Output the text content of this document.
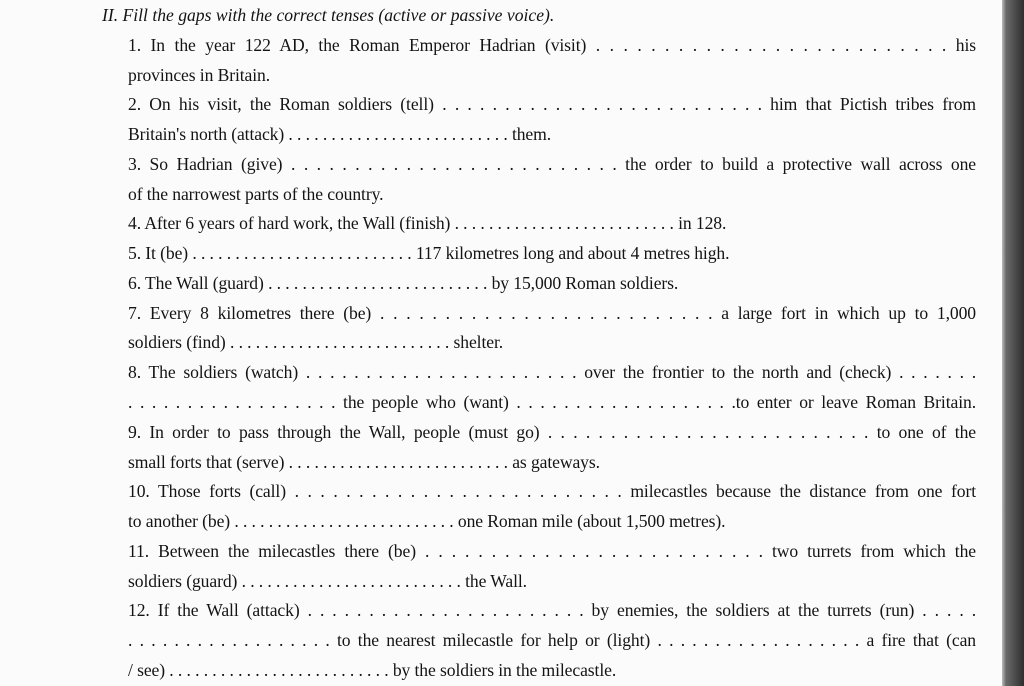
II. Fill the gaps with the correct tenses (active or passive voice).
1. In the year 122 AD, the Roman Emperor Hadrian (visit) . . . . . . . . . . . . . . . . . . . . . . . . . . his
provinces in Britain.
2. On his visit, the Roman soldiers (tell) . . . . . . . . . . . . . . . . . . . . . . . . . . him that Pictish tribes from
Britain's north (attack) . . . . . . . . . . . . . . . . . . . . . . . . . . them.
3. So Hadrian (give) . . . . . . . . . . . . . . . . . . . . . . . . . . the order to build a protective wall across one
of the narrowest parts of the country.
4. After 6 years of hard work, the Wall (finish) . . . . . . . . . . . . . . . . . . . . . . . . . . in 128.
5. It (be) . . . . . . . . . . . . . . . . . . . . . . . . . . 117 kilometres long and about 4 metres high.
6. The Wall (guard) . . . . . . . . . . . . . . . . . . . . . . . . . . by 15,000 Roman soldiers.
7. Every 8 kilometres there (be) . . . . . . . . . . . . . . . . . . . . . . . . . . a large fort in which up to 1,000
soldiers (find) . . . . . . . . . . . . . . . . . . . . . . . . . . shelter.
8. The soldiers (watch) . . . . . . . . . . . . . . . . . . . . . . . over the frontier to the north and (check) . . . . . . .
. . . . . . . . . . . . . . . . . . the people who (want) . . . . . . . . . . . . . . . . . . .to enter or leave Roman Britain.
9. In order to pass through the Wall, people (must go) . . . . . . . . . . . . . . . . . . . . . . . . . . to one of the
small forts that (serve) . . . . . . . . . . . . . . . . . . . . . . . . . . as gateways.
10. Those forts (call) . . . . . . . . . . . . . . . . . . . . . . . . . . milecastles because the distance from one fort
to another (be) . . . . . . . . . . . . . . . . . . . . . . . . . . one Roman mile (about 1,500 metres).
11. Between the milecastles there (be) . . . . . . . . . . . . . . . . . . . . . . . . . . two turrets from which the
soldiers (guard) . . . . . . . . . . . . . . . . . . . . . . . . . . the Wall.
12. If the Wall (attack) . . . . . . . . . . . . . . . . . . . . . . . by enemies, the soldiers at the turrets (run) . . . . .
. . . . . . . . . . . . . . . . . . to the nearest milecastle for help or (light) . . . . . . . . . . . . . . . . . . a fire that (can
/ see) . . . . . . . . . . . . . . . . . . . . . . . . . . by the soldiers in the milecastle.
